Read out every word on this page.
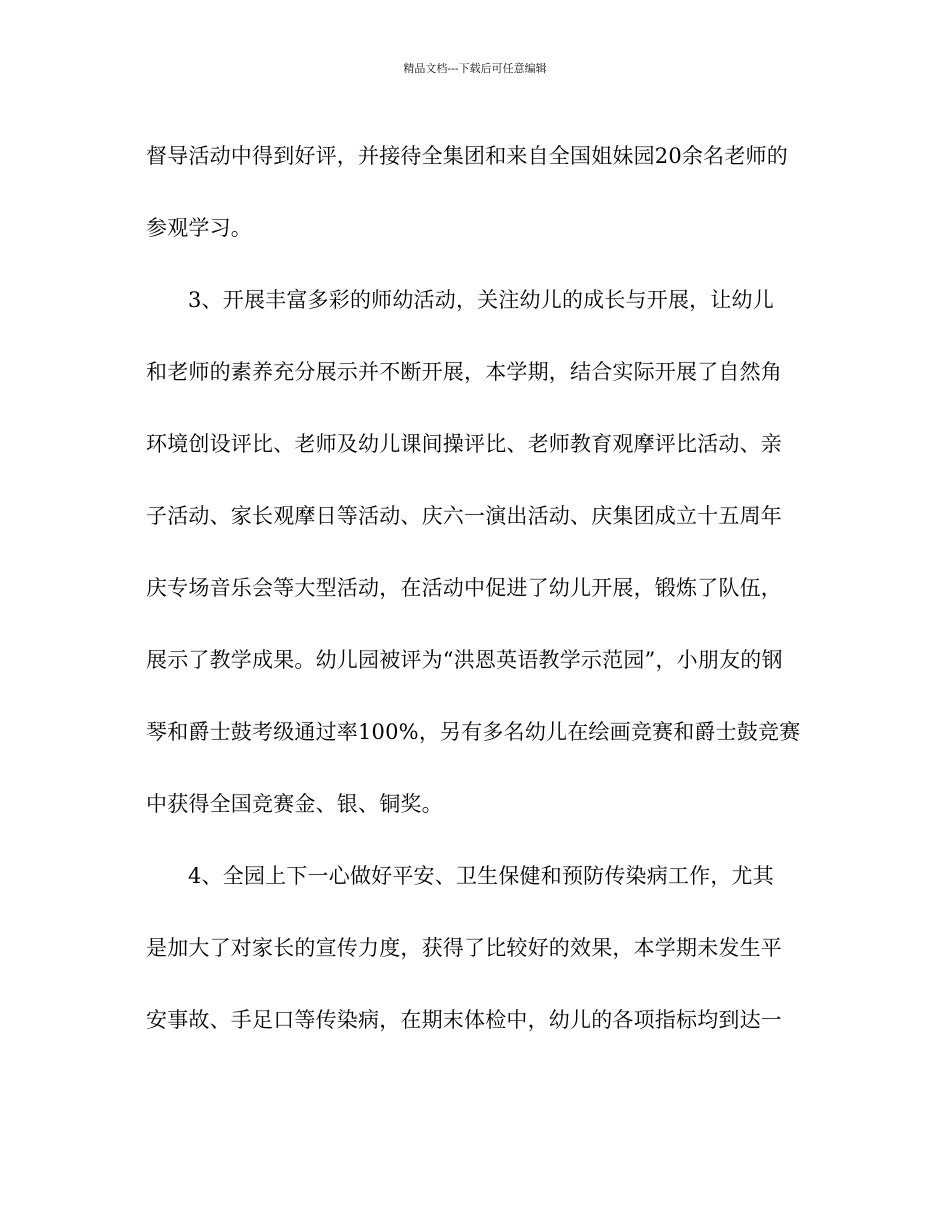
精品文档---下载后可任意编辑
督导活动中得到好评，并接待全集团和来自全国姐妹园20余名老师的
参观学习。
3、开展丰富多彩的师幼活动，关注幼儿的成长与开展，让幼儿
和老师的素养充分展示并不断开展，本学期，结合实际开展了自然角
环境创设评比、老师及幼儿课间操评比、老师教育观摩评比活动、亲
子活动、家长观摩日等活动、庆六一演出活动、庆集团成立十五周年
庆专场音乐会等大型活动，在活动中促进了幼儿开展，锻炼了队伍，
展示了教学成果。幼儿园被评为“洪恩英语教学示范园”，小朋友的钢
琴和爵士鼓考级通过率100%，另有多名幼儿在绘画竞赛和爵士鼓竞赛
中获得全国竞赛金、银、铜奖。
4、全园上下一心做好平安、卫生保健和预防传染病工作，尤其
是加大了对家长的宣传力度，获得了比较好的效果，本学期未发生平
安事故、手足口等传染病，在期末体检中，幼儿的各项指标均到达一
